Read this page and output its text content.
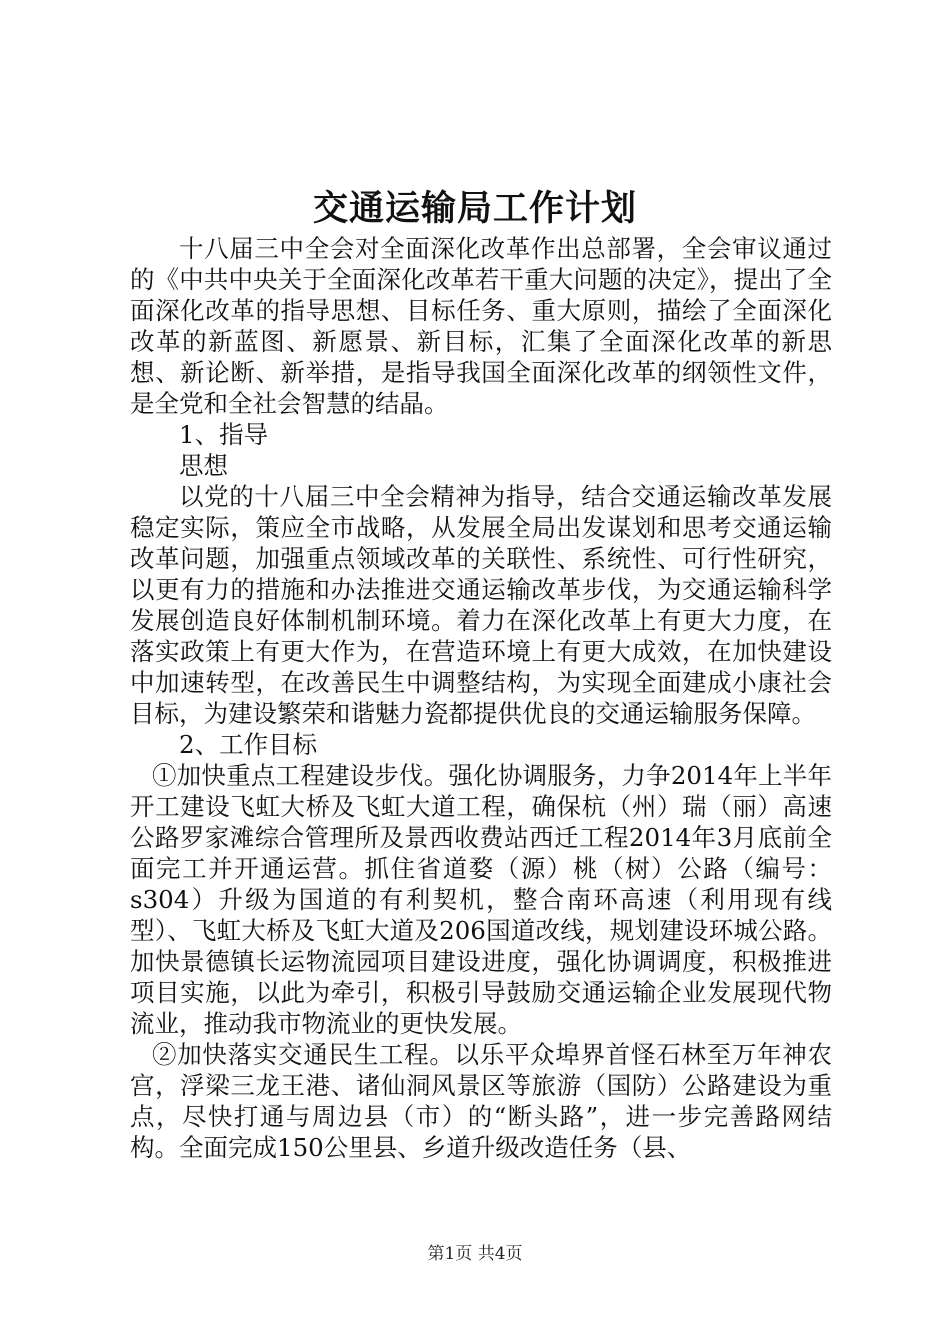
交通运输局工作计划

十八届三中全会对全面深化改革作出总部署，全会审议通过的《中共中央关于全面深化改革若干重大问题的决定》，提出了全面深化改革的指导思想、目标任务、重大原则，描绘了全面深化改革的新蓝图、新愿景、新目标，汇集了全面深化改革的新思想、新论断、新举措，是指导我国全面深化改革的纲领性文件，是全党和全社会智慧的结晶。

1、指导

思想

以党的十八届三中全会精神为指导，结合交通运输改革发展稳定实际，策应全市战略，从发展全局出发谋划和思考交通运输改革问题，加强重点领域改革的关联性、系统性、可行性研究，以更有力的措施和办法推进交通运输改革步伐，为交通运输科学发展创造良好体制机制环境。着力在深化改革上有更大力度，在落实政策上有更大作为，在营造环境上有更大成效，在加快建设中加速转型，在改善民生中调整结构，为实现全面建成小康社会目标，为建设繁荣和谐魅力瓷都提供优良的交通运输服务保障。

2、工作目标

①加快重点工程建设步伐。强化协调服务，力争2014年上半年开工建设飞虹大桥及飞虹大道工程，确保杭（州）瑞（丽）高速公路罗家滩综合管理所及景西收费站西迁工程2014年3月底前全面完工并开通运营。抓住省道婺（源）桃（树）公路（编号：s304）升级为国道的有利契机，整合南环高速（利用现有线型）、飞虹大桥及飞虹大道及206国道改线，规划建设环城公路。加快景德镇长运物流园项目建设进度，强化协调调度，积极推进项目实施，以此为牵引，积极引导鼓励交通运输企业发展现代物流业，推动我市物流业的更快发展。

②加快落实交通民生工程。以乐平众埠界首怪石林至万年神农宫，浮梁三龙王港、诸仙洞风景区等旅游（国防）公路建设为重点，尽快打通与周边县（市）的“断头路”，进一步完善路网结构。全面完成150公里县、乡道升级改造任务（县、

第1页 共4页
